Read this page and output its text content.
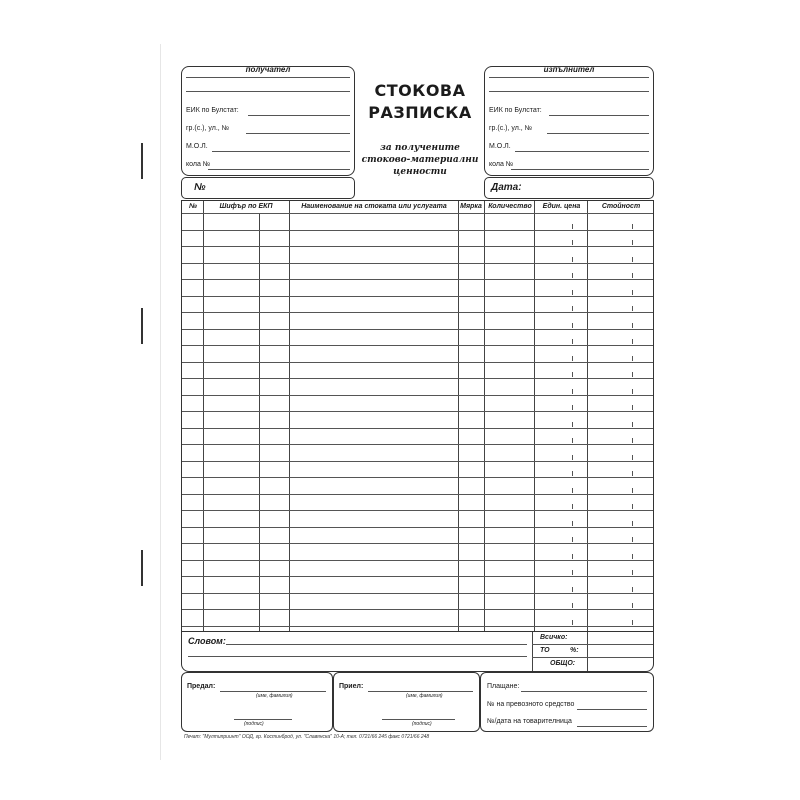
получател
ЕИК по Булстат:
гр.(с.), ул., №
М.О.Л.
кола №
СТОКОВА
РАЗПИСКА
за получените
стоково-материални
ценности
изпълнител
ЕИК по Булстат:
гр.(с.), ул., №
М.О.Л.
кола №
№	Дата:
№	Шифър по ЕКП	Наименование на стоката или услугата	Мярка Количество	Един. цена	Стойност
Словом:	Всичко:
ТО	%:
ОБЩО:
Предал:
(име, фамилия)
(подпис)
Приел:
(име, фамилия)
(подпис)
Плащане:
№ на превозното средство
№/дата на товарителница
Печат: "Мултиприинт" ООД, гр. Костинброд, ул. "Славянска" 10-А; тел. 0721/66 245 факс 0721/66 248
